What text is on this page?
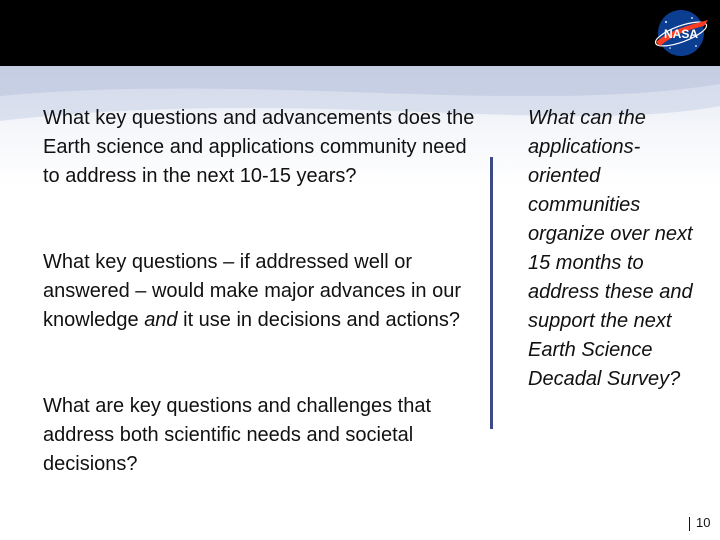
NASA

What key questions and advancements does the Earth science and applications community need to address in the next 10-15 years?

What key questions – if addressed well or answered – would make major advances in our knowledge and it use in decisions and actions?

What are key questions and challenges that address both scientific needs and societal decisions?

What can the applications-oriented communities organize over next 15 months to address these and support the next Earth Science Decadal Survey?

10
